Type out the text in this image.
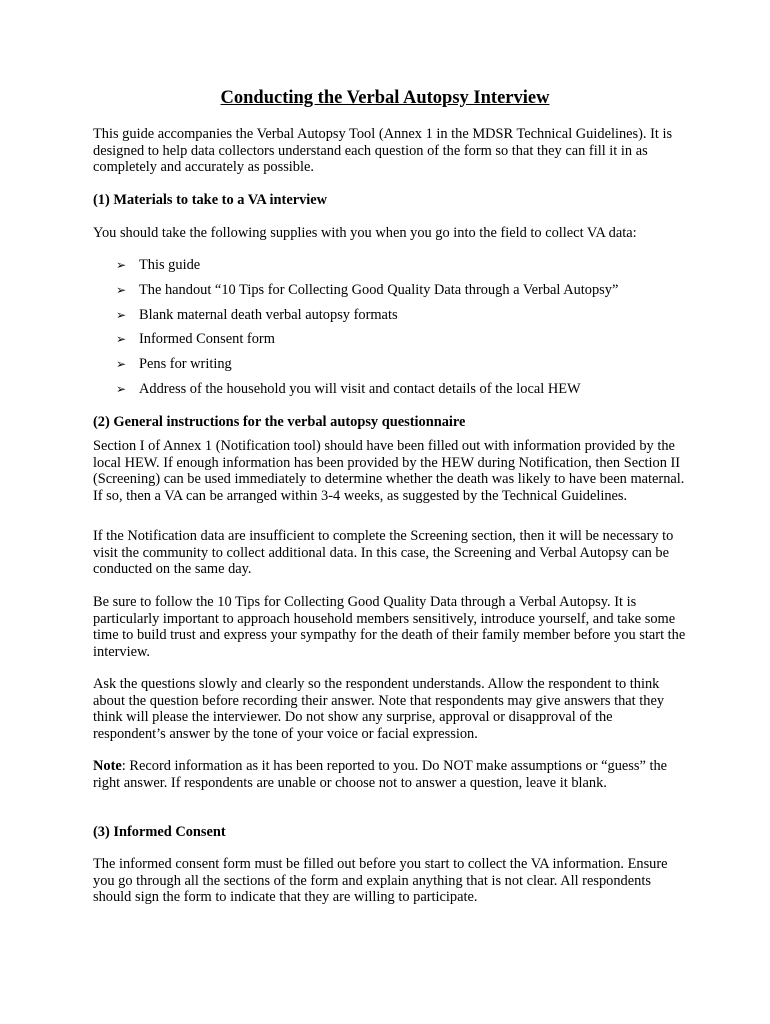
Conducting the Verbal Autopsy Interview

This guide accompanies the Verbal Autopsy Tool (Annex 1 in the MDSR Technical Guidelines). It is designed to help data collectors understand each question of the form so that they can fill it in as completely and accurately as possible.

(1) Materials to take to a VA interview

You should take the following supplies with you when you go into the field to collect VA data:

➢ This guide
➢ The handout “10 Tips for Collecting Good Quality Data through a Verbal Autopsy”
➢ Blank maternal death verbal autopsy formats
➢ Informed Consent form
➢ Pens for writing
➢ Address of the household you will visit and contact details of the local HEW

(2) General instructions for the verbal autopsy questionnaire

Section I of Annex 1 (Notification tool) should have been filled out with information provided by the local HEW. If enough information has been provided by the HEW during Notification, then Section II (Screening) can be used immediately to determine whether the death was likely to have been maternal. If so, then a VA can be arranged within 3-4 weeks, as suggested by the Technical Guidelines.

If the Notification data are insufficient to complete the Screening section, then it will be necessary to visit the community to collect additional data. In this case, the Screening and Verbal Autopsy can be conducted on the same day.

Be sure to follow the 10 Tips for Collecting Good Quality Data through a Verbal Autopsy. It is particularly important to approach household members sensitively, introduce yourself, and take some time to build trust and express your sympathy for the death of their family member before you start the interview.

Ask the questions slowly and clearly so the respondent understands. Allow the respondent to think about the question before recording their answer. Note that respondents may give answers that they think will please the interviewer. Do not show any surprise, approval or disapproval of the respondent’s answer by the tone of your voice or facial expression.

Note: Record information as it has been reported to you. Do NOT make assumptions or “guess” the right answer. If respondents are unable or choose not to answer a question, leave it blank.

(3) Informed Consent

The informed consent form must be filled out before you start to collect the VA information. Ensure you go through all the sections of the form and explain anything that is not clear. All respondents should sign the form to indicate that they are willing to participate.
